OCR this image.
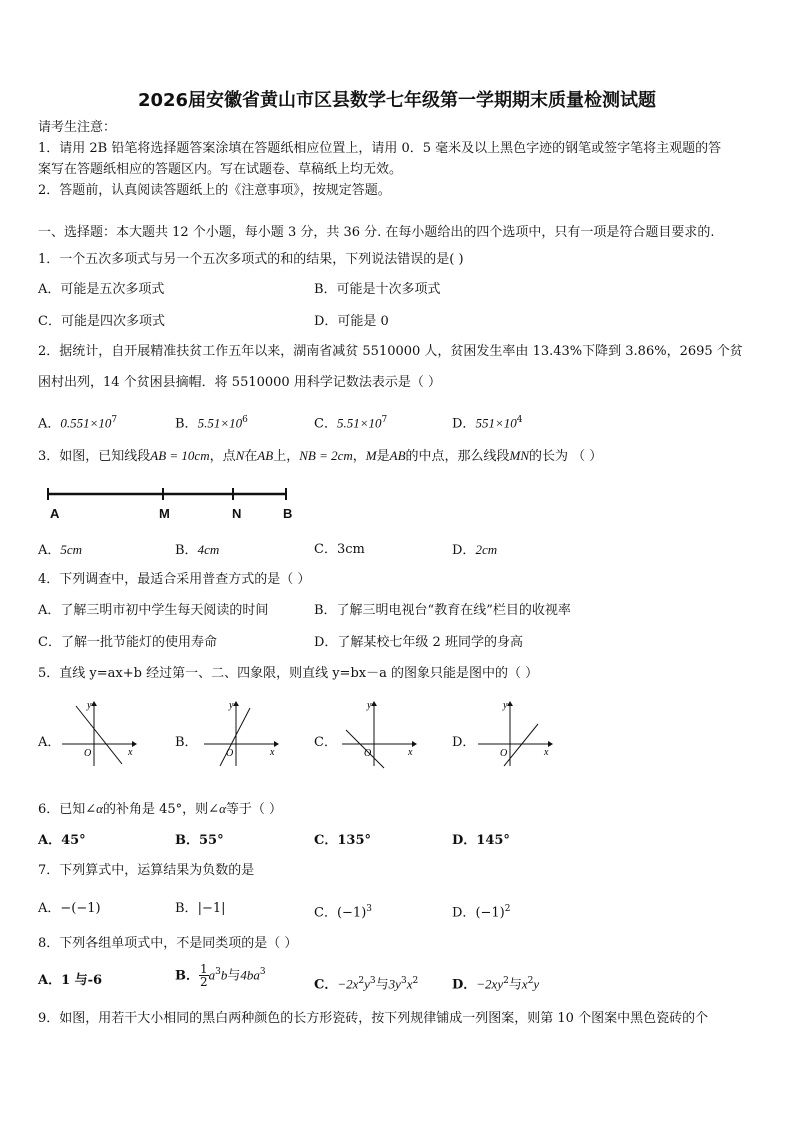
2026届安徽省黄山市区县数学七年级第一学期期末质量检测试题
请考生注意：
1．请用 2B 铅笔将选择题答案涂填在答题纸相应位置上，请用 0．5 毫米及以上黑色字迹的钢笔或签字笔将主观题的答
案写在答题纸相应的答题区内。写在试题卷、草稿纸上均无效。
2．答题前，认真阅读答题纸上的《注意事项》，按规定答题。
一、选择题：本大题共 12 个小题，每小题 3 分，共 36 分. 在每小题给出的四个选项中，只有一项是符合题目要求的.
1．一个五次多项式与另一个五次多项式的和的结果，下列说法错误的是( )
A．可能是五次多项式	B．可能是十次多项式
C．可能是四次多项式	D．可能是 0
2．据统计，自开展精准扶贫工作五年以来，湖南省减贫 5510000 人，贫困发生率由 13.43%下降到 3.86%，2695 个贫
困村出列，14 个贫困县摘帽．将 5510000 用科学记数法表示是（ ）
A．$0.551\times 10^7$	B．$5.51\times 10^6$	C．$5.51\times 10^7$	D．$551\times 10^4$
3．如图，已知线段AB = 10cm，点N在AB上，NB = 2cm，M是AB的中点，那么线段MN的长为 （ ）
A	M	N	B
A．5cm	B．4cm	C．3cm	D．2cm
4．下列调查中，最适合采用普查方式的是（ ）
A．了解三明市初中学生每天阅读的时间	B．了解三明电视台“教育在线”栏目的收视率
C．了解一批节能灯的使用寿命	D．了解某校七年级 2 班同学的身高
5．直线 y=ax+b 经过第一、二、四象限，则直线 y=bx－a 的图象只能是图中的（ ）
A．
y
x
O
B．
y
x
O
C．
y
x
O
D．
y
x
O
6．已知∠α的补角是 45°，则∠α等于（ ）
A．45°	B．55°	C．135°	D．145°
7．下列算式中，运算结果为负数的是
A．−(−1)	B．|−1|	C．$(-1)^3$	D．$(-1)^2$
8．下列各组单项式中，不是同类项的是（ ）
A．1 与-6	B． $\frac{1}{2} a^3b$与$4ba^3$
C．$-2x^2y^3$与$3y^3x^2$	D．$-2xy^2$与$x^2y$
9．如图，用若干大小相同的黑白两种颜色的长方形瓷砖，按下列规律铺成一列图案，则第 10 个图案中黑色瓷砖的个
